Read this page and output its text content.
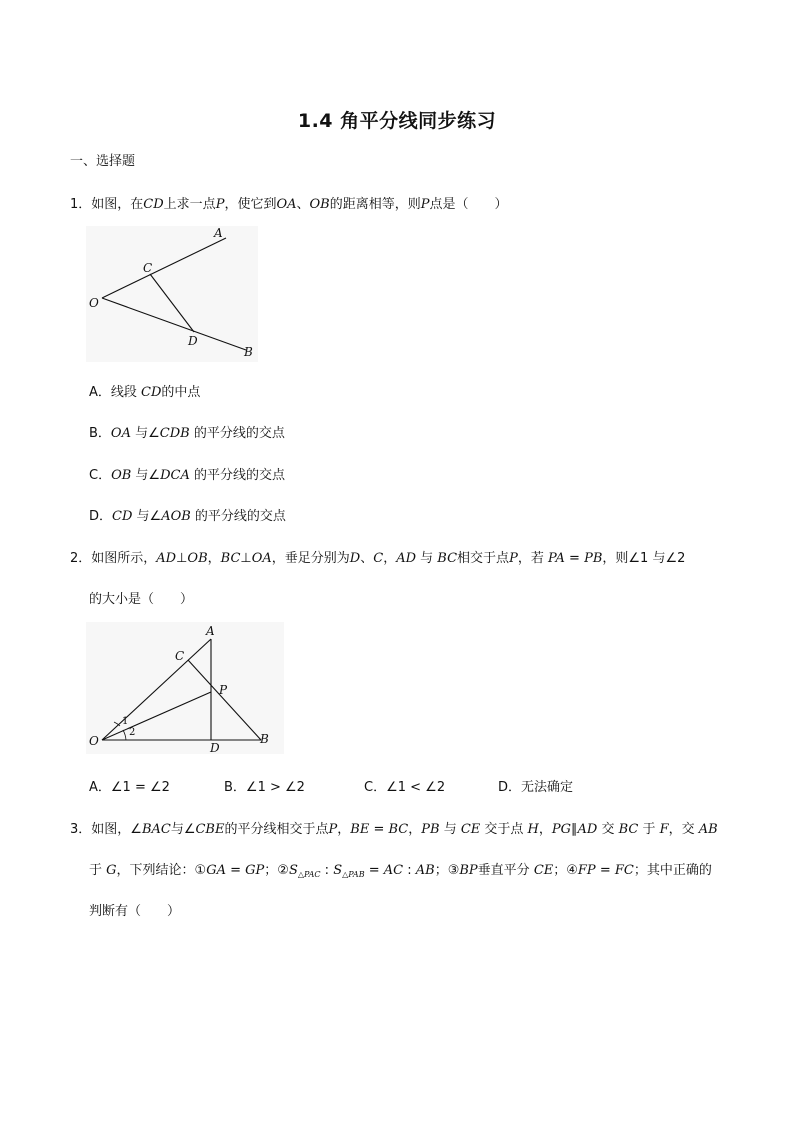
1.4 角平分线同步练习
一、选择题
1．如图，在CD上求一点P，使它到OA、OB的距离相等，则P点是（　　）
A
C
O
D
B
A．线段 CD的中点
B．OA 与∠CDB 的平分线的交点
C．OB 与∠DCA 的平分线的交点
D．CD 与∠AOB 的平分线的交点
2．如图所示，AD⊥OB，BC⊥OA，垂足分别为D、C，AD 与 BC相交于点P，若 PA = PB，则∠1 与∠2
的大小是（　　）
A
C
P
1
2
O	D
B
A．∠1 = ∠2	B．∠1 > ∠2	C．∠1 < ∠2	D．无法确定
3．如图，∠BAC与∠CBE的平分线相交于点P，BE = BC，PB 与 CE 交于点 H，PG∥AD 交 BC 于 F，交 AB
于 G，下列结论：①GA = GP；$②S_{\triangle PAC}$ : $S_{\triangle PAB}$ = AC : AB；③BP垂直平分 CE；④FP = FC；其中正确的
判断有（　　）
